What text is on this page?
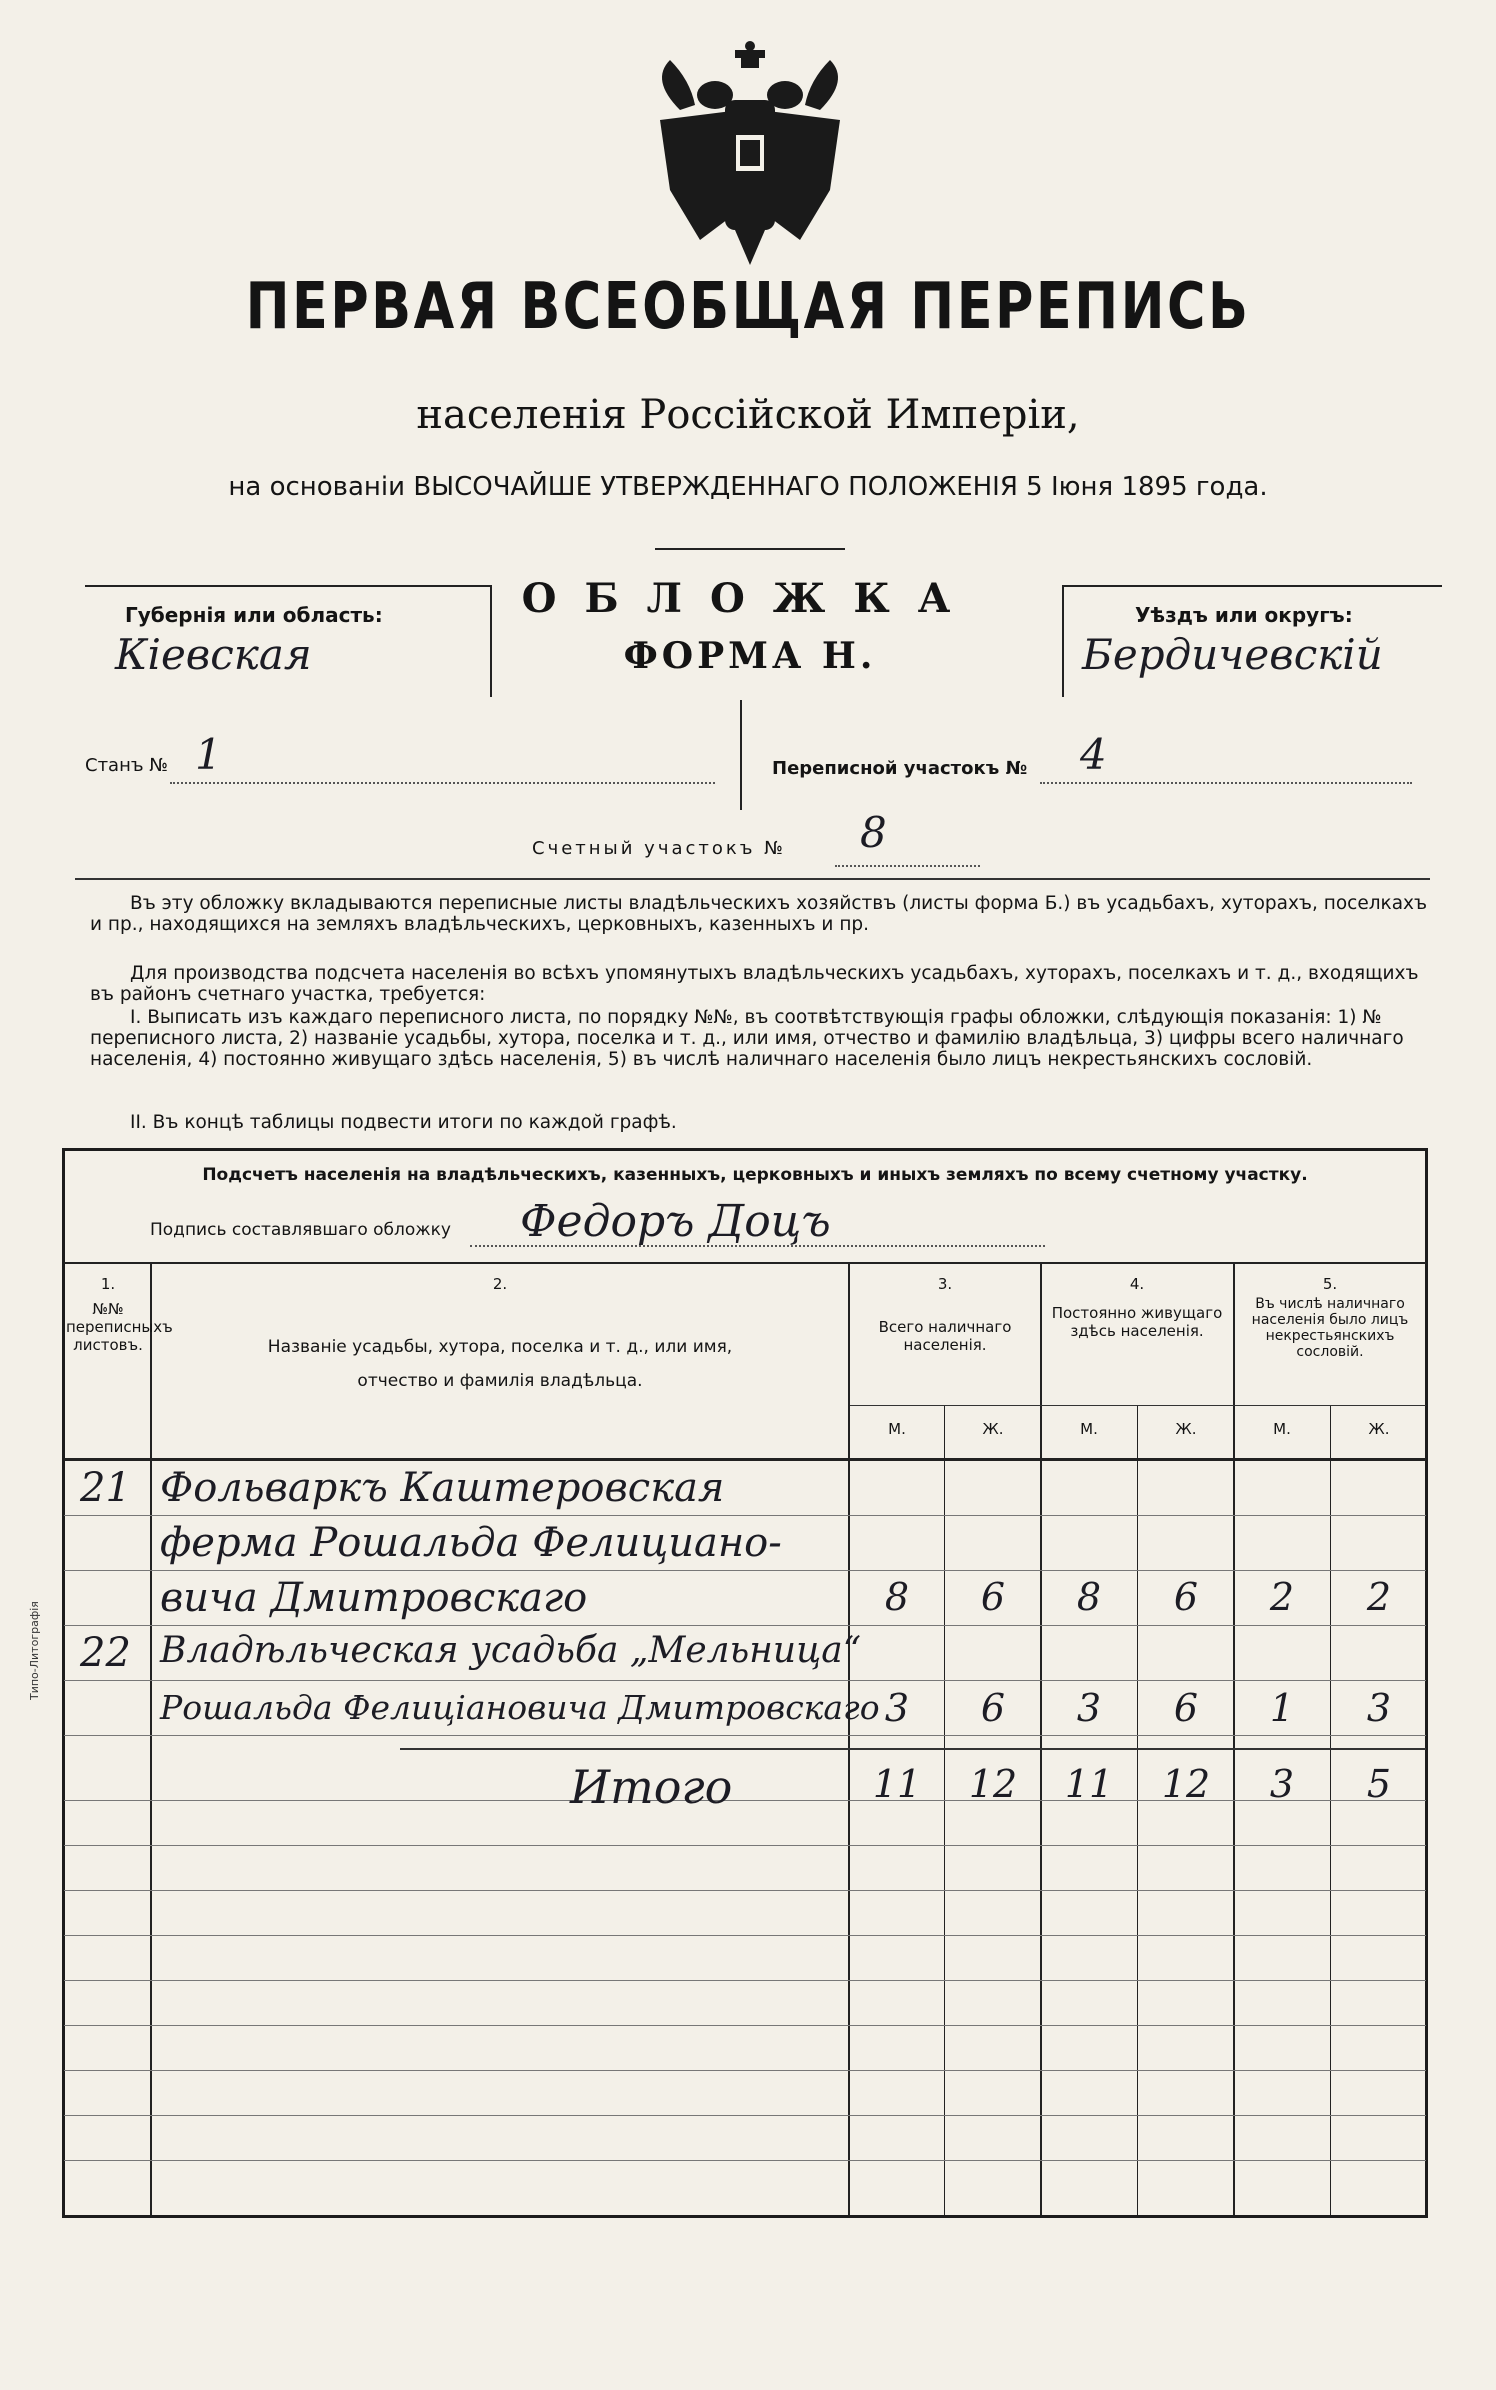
ПЕРВАЯ ВСЕОБЩАЯ ПЕРЕПИСЬ
населенія Россійской Имперіи,
на основаніи ВЫСОЧАЙШЕ УТВЕРЖДЕННАГО ПОЛОЖЕНІЯ 5 Іюня 1895 года.
Губернія или область:
Кіевская
ОБЛОЖКА
ФОРМА Н.
Уѣздъ или округъ:
Бердичевскій
Станъ № 1	Переписной участокъ № 4
Счетный участокъ № 8
Въ эту обложку вкладываются переписные листы владѣльческихъ хозяйствъ (листы форма Б.) въ усадьбахъ, хуторахъ, поселкахъ и пр., находящихся на земляхъ владѣльческихъ, церковныхъ, казенныхъ и пр.
Для производства подсчета населенія во всѣхъ упомянутыхъ владѣльческихъ усадьбахъ, хуторахъ, поселкахъ и т. д., входящихъ въ районъ счетнаго участка, требуется:
I. Выписать изъ каждаго переписного листа, по порядку №№, въ соотвѣтствующія графы обложки, слѣдующія показанія: 1) № переписного листа, 2) названіе усадьбы, хутора, поселка и т. д., или имя, отчество и фамилію владѣльца, 3) цифры всего наличнаго населенія, 4) постоянно живущаго здѣсь населенія, 5) въ числѣ наличнаго населенія было лицъ некрестьянскихъ сословій.
II. Въ концѣ таблицы подвести итоги по каждой графѣ.
Подсчетъ населенія на владѣльческихъ, казенныхъ, церковныхъ и иныхъ земляхъ по всему счетному участку.
Подпись составлявшаго обложку Федоръ Доцъ
1.
№№ переписныхъ листовъ.
2.
Названіе усадьбы, хутора, поселка и т. д., или имя, отчество и фамилія владѣльца.
3.
Всего наличнаго населенія.
4.
Постоянно живущаго здѣсь населенія.
5.
Въ числѣ наличнаго населенія было лицъ некрестьянскихъ сословій.
М.	Ж.	М.	Ж.	М.	Ж.
21 Фольваркъ Каштеровская
ферма Рошальда Фелициано-
вича Дмитровскаго	8	6	8	6	2	2
22 Владѣльческая усадьба „Мельница“
Рошальда Фелиціановича Дмитровскаго 3	6	3	6	1	3
Итого	11	12	11	12	3	5
Типо-Литографія
